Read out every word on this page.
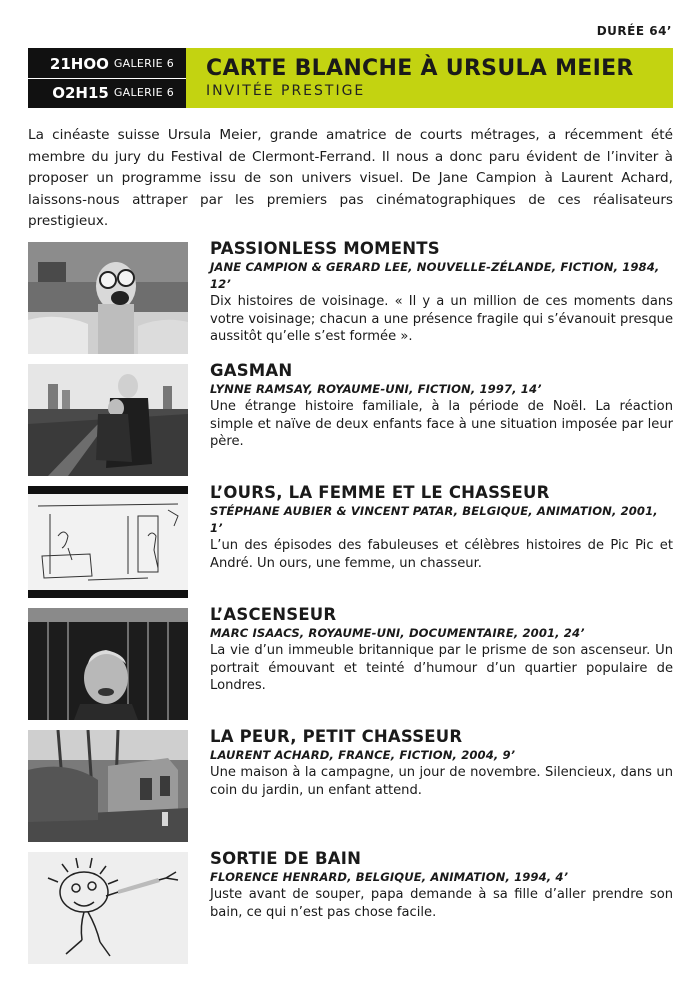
DURÉE 64’
21HOO GALERIE 6
O2H15 GALERIE 6
CARTE BLANCHE À URSULA MEIER
INVITÉE PRESTIGE

La cinéaste suisse Ursula Meier, grande amatrice de courts métrages, a récemment été membre du jury du Festival de Clermont-Ferrand. Il nous a donc paru évident de l’inviter à proposer un programme issu de son univers visuel. De Jane Campion à Laurent Achard, laissons-nous attraper par les premiers pas cinématographiques de ces réalisateurs prestigieux.

PASSIONLESS MOMENTS
JANE CAMPION & GERARD LEE, NOUVELLE-ZÉLANDE, FICTION, 1984, 12’
Dix histoires de voisinage. « Il y a un million de ces moments dans votre voisinage; chacun a une présence fragile qui s’évanouit presque aussitôt qu’elle s’est formée ».
GASMAN
LYNNE RAMSAY, ROYAUME-UNI, FICTION, 1997, 14’
Une étrange histoire familiale, à la période de Noël. La réaction simple et naïve de deux enfants face à une situation imposée par leur père.
L’OURS, LA FEMME ET LE CHASSEUR
STÉPHANE AUBIER & VINCENT PATAR, BELGIQUE, ANIMATION, 2001, 1’
L’un des épisodes des fabuleuses et célèbres histoires de Pic Pic et André. Un ours, une femme, un chasseur.
L’ASCENSEUR
MARC ISAACS, ROYAUME-UNI, DOCUMENTAIRE, 2001, 24’
La vie d’un immeuble britannique par le prisme de son ascenseur. Un portrait émouvant et teinté d’humour d’un quartier populaire de Londres.
LA PEUR, PETIT CHASSEUR
LAURENT ACHARD, FRANCE, FICTION, 2004, 9’
Une maison à la campagne, un jour de novembre. Silencieux, dans un coin du jardin, un enfant attend.
SORTIE DE BAIN
FLORENCE HENRARD, BELGIQUE, ANIMATION, 1994, 4’
Juste avant de souper, papa demande à sa fille d’aller prendre son bain, ce qui n’est pas chose facile.
